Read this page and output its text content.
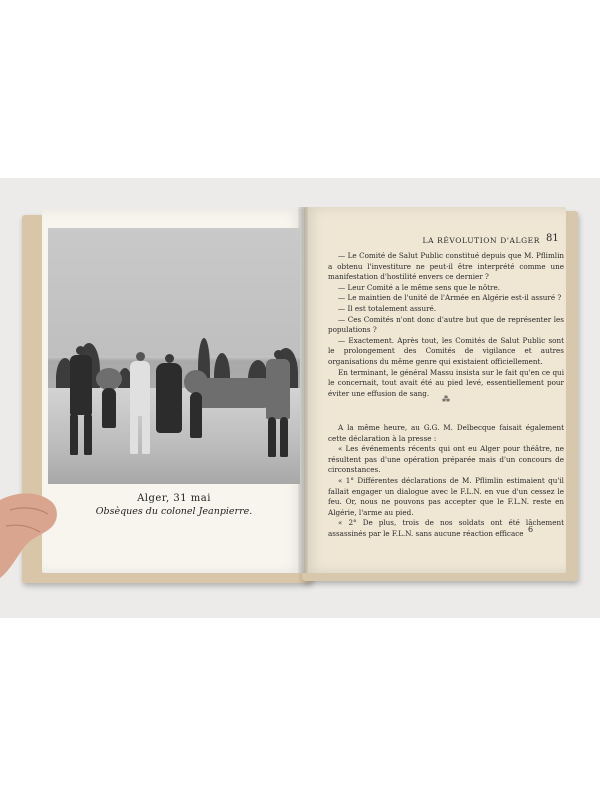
Alger, 31 mai
Obsèques du colonel Jeanpierre.
LA RÉVOLUTION D'ALGER 81

— Le Comité de Salut Public constitué depuis que M. Pflimlin a obtenu l'investiture ne peut-il être interprété comme une manifestation d'hostilité envers ce dernier ?

— Leur Comité a le même sens que le nôtre.

— Le maintien de l'unité de l'Armée en Algérie est-il assuré ?

— Il est totalement assuré.

— Ces Comités n'ont donc d'autre but que de représenter les populations ?

— Exactement. Après tout, les Comités de Salut Public sont le prolongement des Comités de vigilance et autres organisations du même genre qui existaient officiellement.

En terminant, le général Massu insista sur le fait qu'en ce qui le concernait, tout avait été au pied levé, essentiellement pour éviter une effusion de sang.

⁂

A la même heure, au G.G. M. Delbecque faisait également cette déclaration à la presse :

« Les événements récents qui ont eu Alger pour théâtre, ne résultent pas d'une opération préparée mais d'un concours de circonstances.

« 1° Différentes déclarations de M. Pflimlin estimaient qu'il fallait engager un dialogue avec le F.L.N. en vue d'un cessez le feu. Or, nous ne pouvons pas accepter que le F.L.N. reste en Algérie, l'arme au pied.

« 2° De plus, trois de nos soldats ont été lâchement assassinés par le F.L.N. sans aucune réaction efficace 6
